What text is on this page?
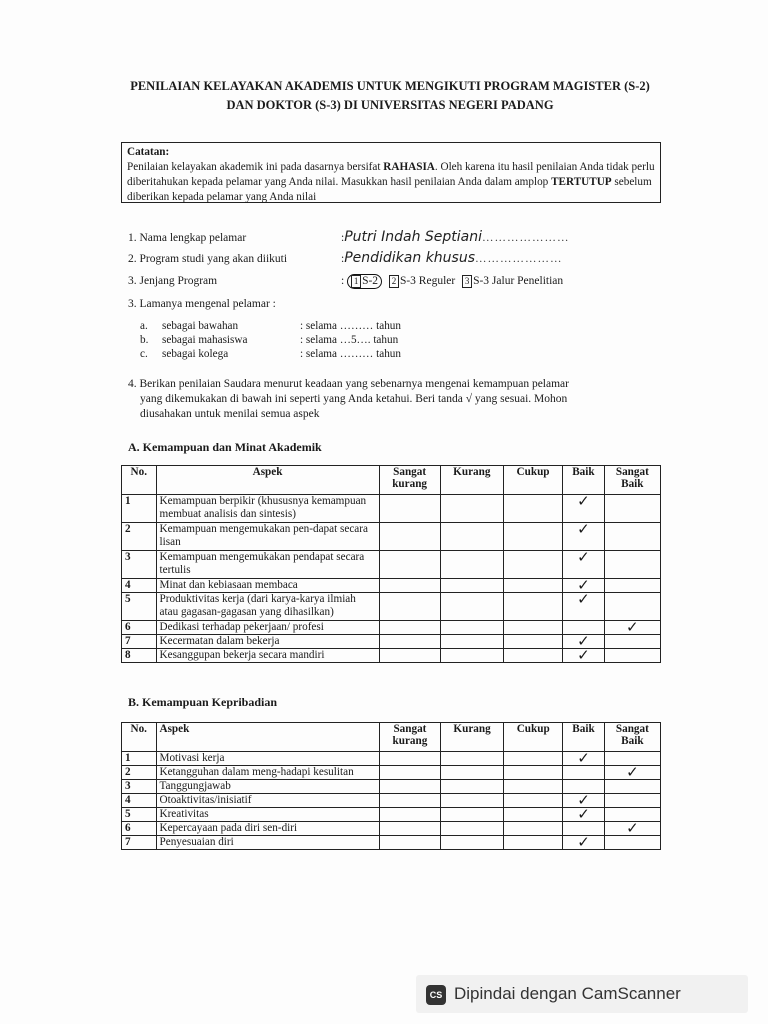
PENILAIAN KELAYAKAN AKADEMIS UNTUK MENGIKUTI PROGRAM MAGISTER (S-2)
DAN DOKTOR (S-3) DI UNIVERSITAS NEGERI PADANG
Catatan:
Penilaian kelayakan akademik ini pada dasarnya bersifat RAHASIA. Oleh karena itu hasil penilaian Anda tidak perlu diberitahukan kepada pelamar yang Anda nilai. Masukkan hasil penilaian Anda dalam amplop TERTUTUP sebelum diberikan kepada pelamar yang Anda nilai
1. Nama lengkap pelamar	:Putri Indah Septiani…………………
2. Program studi yang akan diikuti	:Pendidikan khusus…………………
3. Jenjang Program	: 1 S-2 2 S-3 Reguler 3 S-3 Jalur Penelitian
3. Lamanya mengenal pelamar :
a. sebagai bawahan	: selama ……… tahun
b. sebagai mahasiswa	: selama …5…. tahun
c. sebagai kolega	: selama ……… tahun
4. Berikan penilaian Saudara menurut keadaan yang sebenarnya mengenai kemampuan pelamar
yang dikemukakan di bawah ini seperti yang Anda ketahui. Beri tanda √ yang sesuai. Mohon
diusahakan untuk menilai semua aspek
A. Kemampuan dan Minat Akademik
No.	Aspek	Sangat kurang	Kurang	Cukup	Baik	Sangat Baik
1	Kemampuan berpikir (khususnya kemampuan membuat analisis dan sintesis)				✓	
2	Kemampuan mengemukakan pen-dapat secara lisan				✓	
3	Kemampuan mengemukakan pendapat secara tertulis				✓	
4	Minat dan kebiasaan membaca				✓	
5	Produktivitas kerja (dari karya-karya ilmiah atau gagasan-gagasan yang dihasilkan)				✓	
6	Dedikasi terhadap pekerjaan/ profesi					✓
7	Kecermatan dalam bekerja				✓	
8	Kesanggupan bekerja secara mandiri				✓	
B. Kemampuan Kepribadian
No.	Aspek	Sangat kurang	Kurang	Cukup	Baik	Sangat Baik
1	Motivasi kerja				✓	
2	Ketangguhan dalam meng-hadapi kesulitan					✓
3	Tanggungjawab					
4	Otoaktivitas/inisiatif				✓	
5	Kreativitas				✓	
6	Kepercayaan pada diri sen-diri					✓
7	Penyesuaian diri				✓	
CS Dipindai dengan CamScanner
